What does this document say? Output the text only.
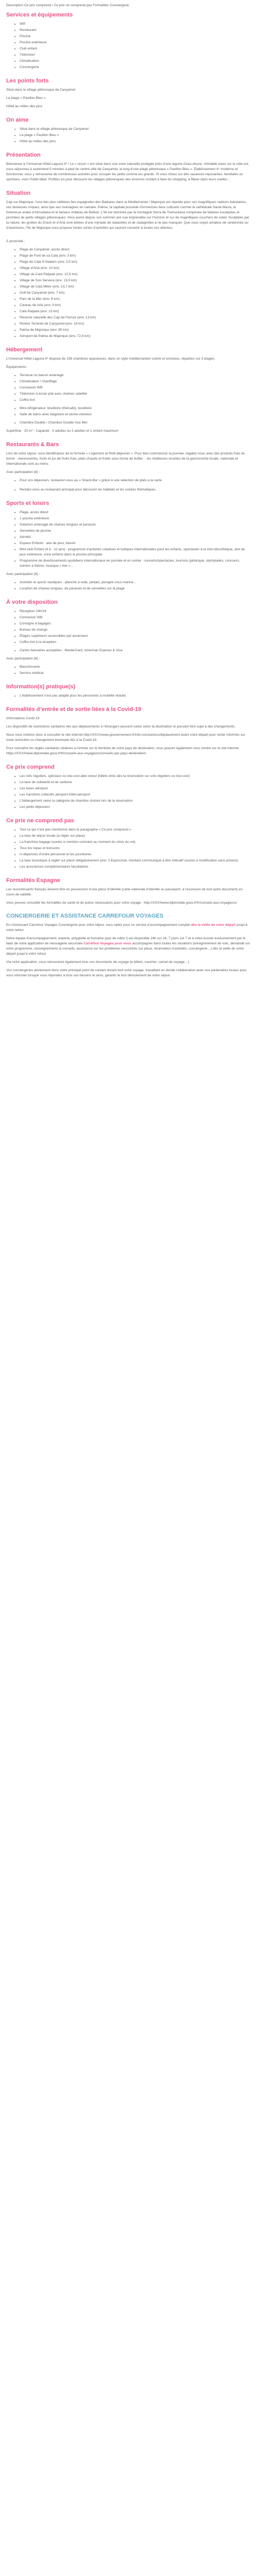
Description Ce prix comprend / Ce prix ne comprend pas Formalités Conciergerie

Services et équipements
• Wifi
• Restaurant
• Piscine
• Piscine extérieure
• Club enfant
• Télévision
• Climatisation
• Conciergerie
Les points forts

Situé dans le village pittoresque de Canyamel

La plage « Pavillon Bleu »

Hôtel au milieu des pins

On aime
• Situé dans le village pittoresque de Canyamel
• La plage « Pavillon Bleu »
• Hôtel au milieu des pins
Présentation

Bienvenue à l’Universal Hôtel Laguna 4* ! Le « resort » est situé dans une zone naturelle protégée près d’une lagune d’eau douce. Véritable oasis sur la côte est, vous séjournez à seulement 5 minutes à pied du centre-ville de Canyamel, la long d’une plage pittoresque « Pavillon Bleu ». Établissement 4* moderne et fonctionnel, vous y retrouverez de nombreuses activités pour occuper les petits comme les grands. Si vous misez sur des vacances reposantes, familiales ou sportives, voici l’hôtel idéal. Profitez en pour découvrir les villages pittoresques des environs invitant à faire du shopping, à flâner dans leurs ruelles…

Situation

Cap sur Majorque, l’une des plus célèbres îles espagnoles des Baléares dans la Méditerranée ! Majorque est réputée pour ses magnifiques stations balnéaires, ses fameuses criques, ainsi que ses montagnes en calcaire. Palma, la capitale possède d’immenses lieux culturels comme la cathédrale Santa María, la forteresse arabe d’Almudaina et le fameux château de Bellver. L’île est dominée par la montagne Serra de Tramuntana composée de falaises escarpées et jonchées de petits villages pittoresques. Vous aurez depuis son sommet une vue imprenable sur l’horizon et sur de magnifiques couchers de soleil. Sculptées par la nature, les grottes du Drach et d’Artà sont dotées d’une myriade de stalactites et de stalagmites à ne pas manquer. Que vous soyez amateur de randonnée ou d’aventures, l’île de Majorque vous propose toutes sortes d’activités qui sauront convenir à toutes vos attentes.

À proximité :

• Plage de Canyamel, accès direct
• Plage de Font de sa Cala (env. 3 km)
• Plage de Cala S’Aladern (env. 3,5 km)
• Village d’Artà (env. 10 km)
• Village de Cala Ratjada (env. 12,5 km)
• Village de Son Servera (env. 13,5 km)
• Village de Cala Millor (env. 13,7 km)
• Golf de Canyamel (env. 7 km)
• Parc de la Mer (env. 8 km)
• Caveau de Artà (env. 9 km)
• Cala Ratjada (env. 13 km)
• Réserve naturelle des Cap de Ferrutx (env. 13 km)
• Rivière Torrente de Canyamel (env. 18 km)
• Palma de Majorque (env. 80 km)
• Aéroport de Palma de Majorque (env. 72,6 km)
Hébergement

L’Universal Hôtel Laguna 4* dispose de 158 chambres spacieuses, dans un style méditerranéen coloré et lumineux, réparties sur 3 étages.

Équipements :

• Terrasse ou balcon aménagé
• Climatisation / chauffage
• Connexion Wifi
• Télévision à écran plat avec chaînes satellite
• Coffre-fort
• Mini-réfrigérateur, bouilloire (thé/café), bouilloire
• Salle de bains avec baignoire et sèche-cheveux
• Chambre Double / Chambre Double Vue Mer

Superficie : 20 m² - Capacité : 3 adultes ou 2 adultes et 1 enfant maximum

Restaurants & Bars

Lors de votre séjour, vous bénéficierez de la formule « Logement et Petit-déjeuner ». Pour bien commencer la journée, régalez-vous avec des produits frais du terroir : viennoiseries, fruits et jus de fruits frais, plats chauds et froids sous forme de buffet… les meilleures recettes de la gastronomie locale, nationale et internationale sont au menu.

Avec participation (€) :

• Pour vos déjeuners, restaurez-vous au « Snack-Bar » grâce à une sélection de plats à la carte
• Rendez-vous au restaurant principal pour découvrir les habitats et les soirées thématiques.
Sports et loisirs
• Plage, accès direct
• 1 piscine extérieure
• Solarium aménagé de chaises longues et parasols
• Serviettes de piscine
• Aérobic
• Espace Enfants : aire de jeux, bassin
• Mini-club Enfant (4 à - 12 ans) : programme d’activités créatives et ludiques internationales pour les enfants, spectacles à la mini-discothèque, aire de jeux extérieure, zone enfants dans la piscine principale
• Programme de divertissements quotidiens internationaux en journée et en soirée : concerts/spectacles, tournois (pétanque, olympiades, concours, soirées à thème, musique « live »…

Avec participation (€) :

• Activités et sports nautiques : planche à voile, pédalo, plongée sous-marine…
• Location de chaises longues, de parasols et de serviettes sur la plage
À votre disposition
• Réception 24h/24
• Connexion Wifi
• Consigne à bagages
• Bureau de change
• Étages supérieurs accessibles par ascenseur
• Coffre-fort à la réception
• Cartes bancaires acceptées : MasterCard, American Express & Visa

Avec participation (€) :

• Blanchisserie
• Service médical
Information(s) pratique(s)
• L’établissement n’est pas adapté pour les personnes à mobilité réduite.
Formalités d’entrée et de sortie liées à la Covid-19

Informations Covid 19

Les dispositifs de restrictions sanitaires liés aux déplacements à l’étrangers peuvent varier selon la destination et pouvant être sujet à des changements.

Nous vous invitons donc à consulter le site internet http://XXXXwww.gouvernement.fr/info-coronavirus/deplacement avant votre départ pour rester informés sur toute restriction ou changement éventuels liés à la Covid-19.

Pour connaître les règles sanitaires relatives à l’entrée sur le territoire de votre pays de destination, vous pouvez également vous rendre sur le site internet https://XXXXwww.diplomatie.gouv.fr/fr/conseils-aux-voyageurs/conseils-par-pays-destination/

Ce prix comprend
• Les vols réguliers, spéciaux ou low-cost aller-retour (billets émis dès la réservation sur vols réguliers ou low-cost)
• La taxe de solidarité et de carbone
• Les taxes aéroport
• Les transferts collectifs aéroport-hôtel-aéroport
• L’hébergement selon la catégorie de chambre choisie lors de la réservation
• Les petits déjeuners
Ce prix ne comprend pas
• Tout ce qui n’est pas mentionné dans le paragraphe « Ce prix comprend »
• La taxe de séjour locale (à régler sur place)
• La franchise bagage (soute) si mention contraire au moment du choix du vol)
• Tous les repas et boissons
• ni dépenses d’ordre personnel et les pourboires
• La taxe touristique à régler sur place obligatoirement (env. 2 €/pers/nuit, montant communiqué à titre indicatif soumis à modification sans préavis)
• Les assurances complémentaires facultatives
Formalités Espagne

Les ressortissants français doivent être en possession d’une pièce d’identité (carte nationale d’identité ou passeport, à l’exclusion de tout autre document) en cours de validité.

Vous pouvez consulter les formalités de santé et de police nécessaires pour votre voyage : http://XXXXwww.diplomatie.gouv.fr/fr/conseils-aux-voyageurs/

CONCIERGERIE ET ASSISTANCE CARREFOUR VOYAGES

En choisissant Carrefour Voyages Conciergerie pour votre séjour, vous optez pour un service d’accompagnement complet dès la veille de votre départ jusqu’à votre retour.

Notre équipe d’accompagnement, experte, polyglotte et humaine (pas de robot !) est disponible 24h sur 24, 7 jours sur 7 et à votre écoute exclusivement par le biais de notre application de messagerie sécurisée Carrefour Voyages pour vous accompagner dans toutes les situations (enregistrement de vols, demande sur votre programme, renseignements & conseils, assistance sur les problèmes rencontrés sur place, réservation d’activités, conciergerie…) dès la veille de votre départ jusqu’à votre retour.

Via notre application, vous retrouverez également tous vos documents de voyage (e-billets, voucher, carnet de voyage…)

Vos conciergeries deviennent donc votre principal point de contact durant tout votre voyage, travaillant en étroite collaboration avec nos partenaires locaux pour vous informer lorsque vous répondez à tous vos besoins et ainsi, garantir le bon déroulement de votre séjour.
